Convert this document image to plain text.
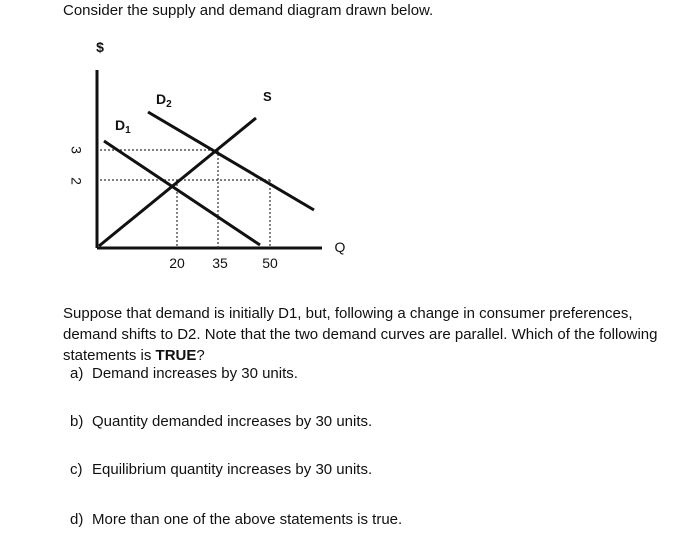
Consider the supply and demand diagram drawn below.
$
Q
S
$D_1$
$D_2$
3
2
20 35 50
Suppose that demand is initially D1, but, following a change in consumer preferences, demand shifts to D2. Note that the two demand curves are parallel. Which of the following statements is TRUE?
a) Demand increases by 30 units.
b) Quantity demanded increases by 30 units.
c) Equilibrium quantity increases by 30 units.
d) More than one of the above statements is true.
